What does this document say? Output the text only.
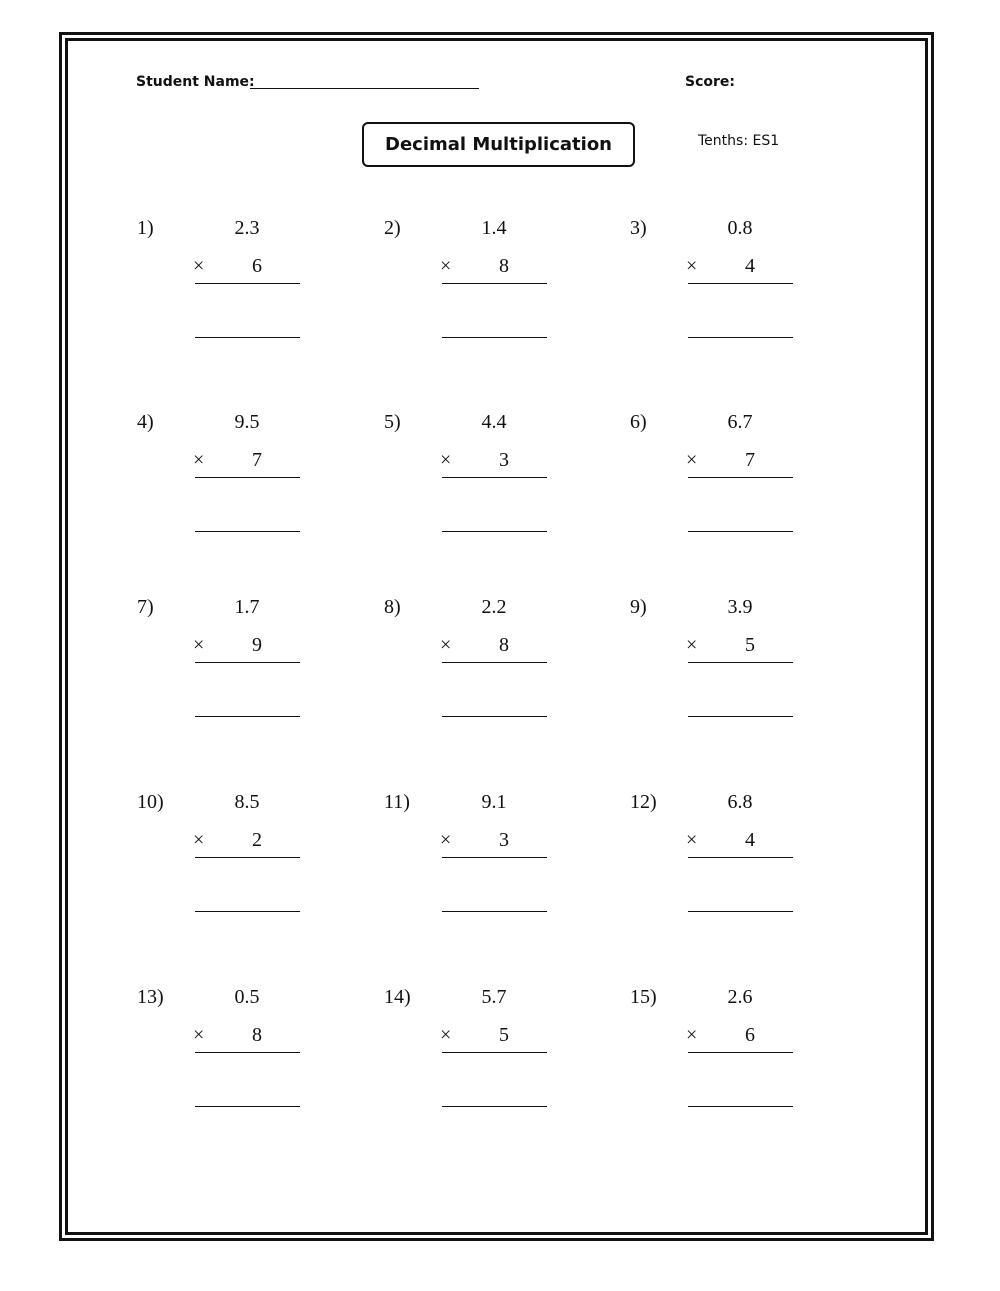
Student Name:	Score:
Decimal Multiplication	Tenths: ES1
1)	2.3
×	6
2)	1.4
×	8
3)	0.8
×	4
4)	9.5
×	7
5)	4.4
×	3
6)	6.7
×	7
7)	1.7
×	9
8)	2.2
×	8
9)	3.9
×	5
10)	8.5
×	2
11)	9.1
×	3
12)	6.8
×	4
13)	0.5
×	8
14)	5.7
×	5
15)	2.6
×	6
